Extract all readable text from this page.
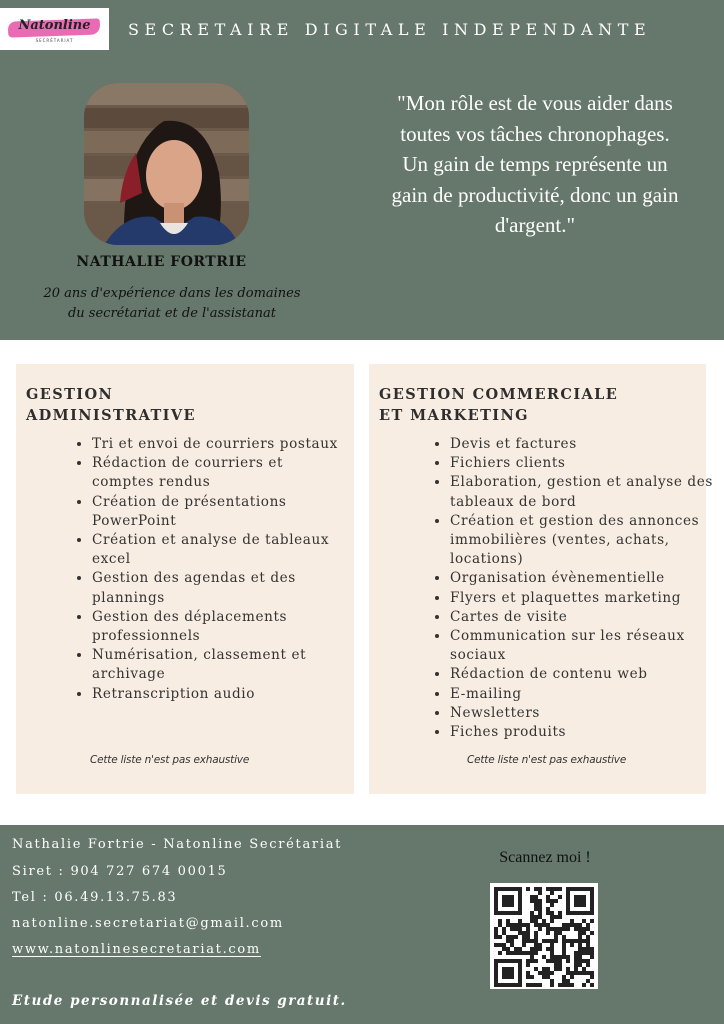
Natonline
SECRÉTARIAT
SECRETAIRE DIGITALE INDEPENDANTE
"Mon rôle est de vous aider dans
toutes vos tâches chronophages.
Un gain de temps représente un
gain de productivité, donc un gain
d'argent."
NATHALIE FORTRIE
20 ans d'expérience dans les domaines
du secrétariat et de l'assistanat
GESTION
ADMINISTRATIVE
• Tri et envoi de courriers postaux
• Rédaction de courriers et comptes rendus
• Création de présentations PowerPoint
• Création et analyse de tableaux excel
• Gestion des agendas et des plannings
• Gestion des déplacements professionnels
• Numérisation, classement et archivage
• Retranscription audio
Cette liste n'est pas exhaustive
GESTION COMMERCIALE
ET MARKETING
• Devis et factures
• Fichiers clients
• Elaboration, gestion et analyse des tableaux de bord
• Création et gestion des annonces immobilières (ventes, achats, locations)
• Organisation évènementielle
• Flyers et plaquettes marketing
• Cartes de visite
• Communication sur les réseaux sociaux
• Rédaction de contenu web
• E-mailing
• Newsletters
• Fiches produits
Cette liste n'est pas exhaustive
Nathalie Fortrie - Natonline Secrétariat
Siret : 904 727 674 00015
Tel : 06.49.13.75.83
natonline.secretariat@gmail.com
www.natonlinesecretariat.com
Etude personnalisée et devis gratuit.
Scannez moi !
